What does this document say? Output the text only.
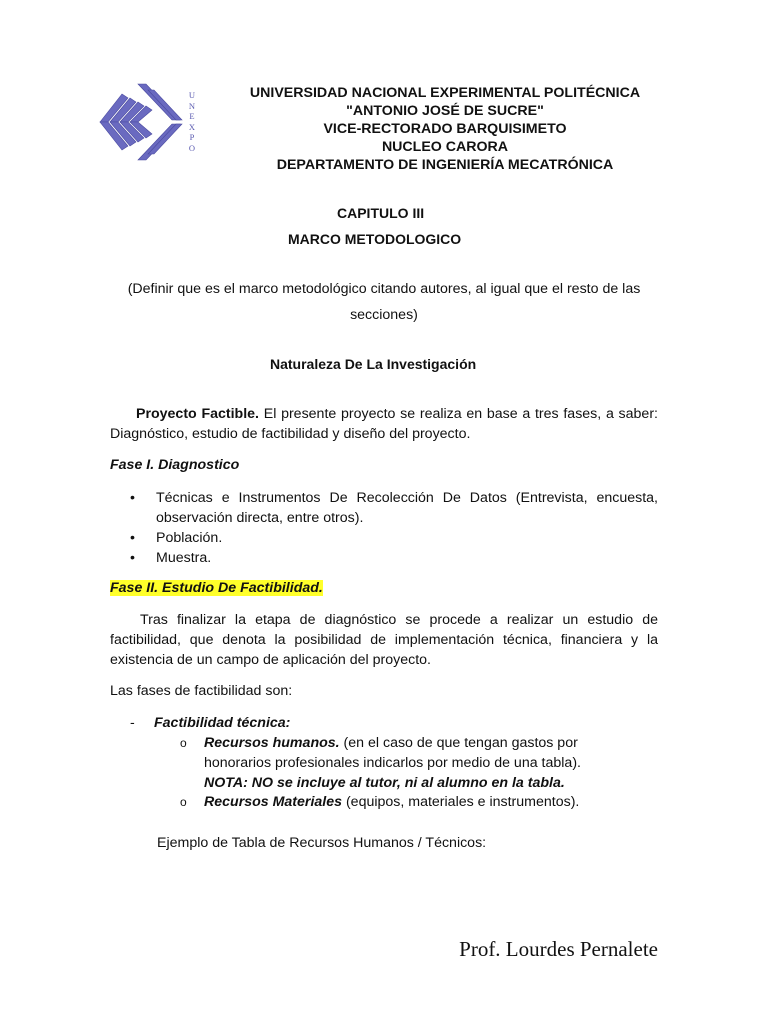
U
N
E
X
P
O
UNIVERSIDAD NACIONAL EXPERIMENTAL POLITÉCNICA
"ANTONIO JOSÉ DE SUCRE"
VICE-RECTORADO BARQUISIMETO
NUCLEO CARORA
DEPARTAMENTO DE INGENIERÍA MECATRÓNICA
CAPITULO III
MARCO METODOLOGICO
(Definir que es el marco metodológico citando autores, al igual que el resto de las secciones)
Naturaleza De La Investigación
Proyecto Factible. El presente proyecto se realiza en base a tres fases, a saber: Diagnóstico, estudio de factibilidad y diseño del proyecto.
Fase I. Diagnostico
• Técnicas e Instrumentos De Recolección De Datos (Entrevista, encuesta, observación directa, entre otros).
• Población.
• Muestra.
Fase II. Estudio De Factibilidad.
Tras finalizar la etapa de diagnóstico se procede a realizar un estudio de factibilidad, que denota la posibilidad de implementación técnica, financiera y la existencia de un campo de aplicación del proyecto.
Las fases de factibilidad son:
- Factibilidad técnica:
o Recursos humanos. (en el caso de que tengan gastos por honorarios profesionales indicarlos por medio de una tabla).
NOTA: NO se incluye al tutor, ni al alumno en la tabla.
o Recursos Materiales (equipos, materiales e instrumentos).
Ejemplo de Tabla de Recursos Humanos / Técnicos:
Prof. Lourdes Pernalete
